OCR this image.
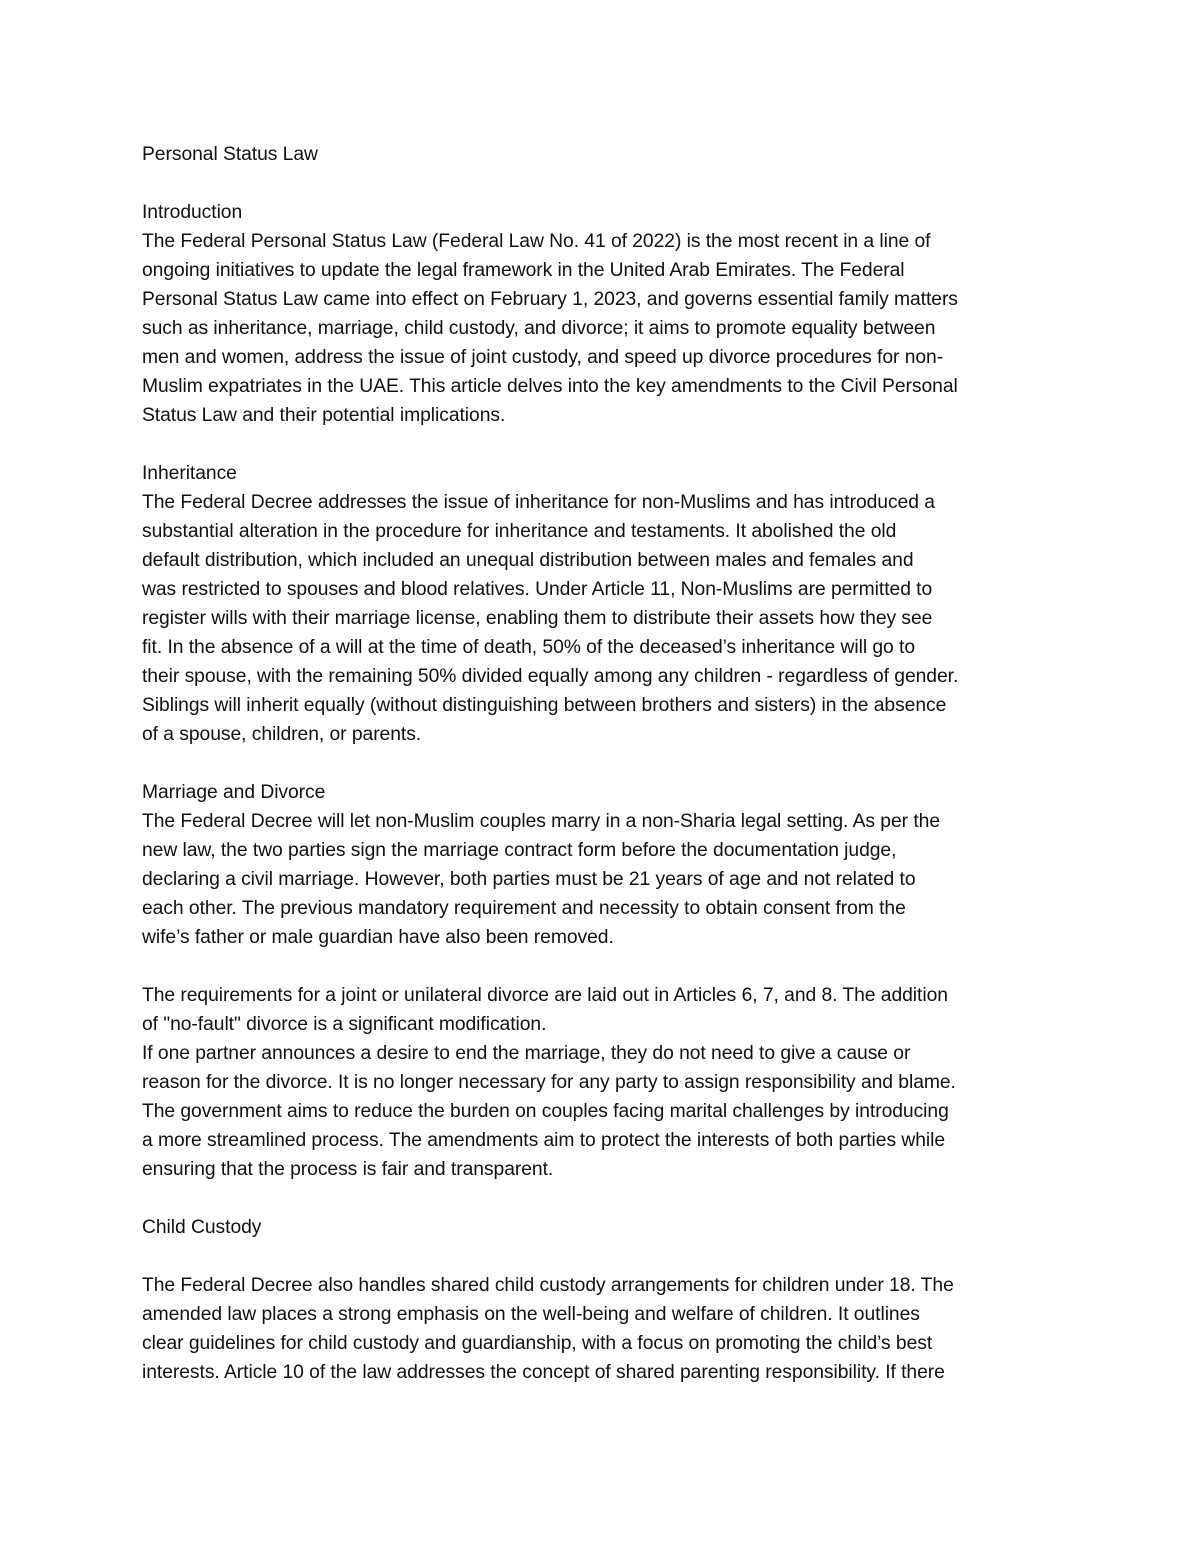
Personal Status Law
Introduction
The Federal Personal Status Law (Federal Law No. 41 of 2022) is the most recent in a line of
ongoing initiatives to update the legal framework in the United Arab Emirates. The Federal
Personal Status Law came into effect on February 1, 2023, and governs essential family matters
such as inheritance, marriage, child custody, and divorce; it aims to promote equality between
men and women, address the issue of joint custody, and speed up divorce procedures for non-
Muslim expatriates in the UAE. This article delves into the key amendments to the Civil Personal
Status Law and their potential implications.
Inheritance
The Federal Decree addresses the issue of inheritance for non-Muslims and has introduced a
substantial alteration in the procedure for inheritance and testaments. It abolished the old
default distribution, which included an unequal distribution between males and females and
was restricted to spouses and blood relatives. Under Article 11, Non-Muslims are permitted to
register wills with their marriage license, enabling them to distribute their assets how they see
fit. In the absence of a will at the time of death, 50% of the deceased’s inheritance will go to
their spouse, with the remaining 50% divided equally among any children - regardless of gender.
Siblings will inherit equally (without distinguishing between brothers and sisters) in the absence
of a spouse, children, or parents.
Marriage and Divorce
The Federal Decree will let non-Muslim couples marry in a non-Sharia legal setting. As per the
new law, the two parties sign the marriage contract form before the documentation judge,
declaring a civil marriage. However, both parties must be 21 years of age and not related to
each other. The previous mandatory requirement and necessity to obtain consent from the
wife’s father or male guardian have also been removed.
The requirements for a joint or unilateral divorce are laid out in Articles 6, 7, and 8. The addition
of "no-fault" divorce is a significant modification.
If one partner announces a desire to end the marriage, they do not need to give a cause or
reason for the divorce. It is no longer necessary for any party to assign responsibility and blame.
The government aims to reduce the burden on couples facing marital challenges by introducing
a more streamlined process. The amendments aim to protect the interests of both parties while
ensuring that the process is fair and transparent.
Child Custody
The Federal Decree also handles shared child custody arrangements for children under 18. The
amended law places a strong emphasis on the well-being and welfare of children. It outlines
clear guidelines for child custody and guardianship, with a focus on promoting the child’s best
interests. Article 10 of the law addresses the concept of shared parenting responsibility. If there
